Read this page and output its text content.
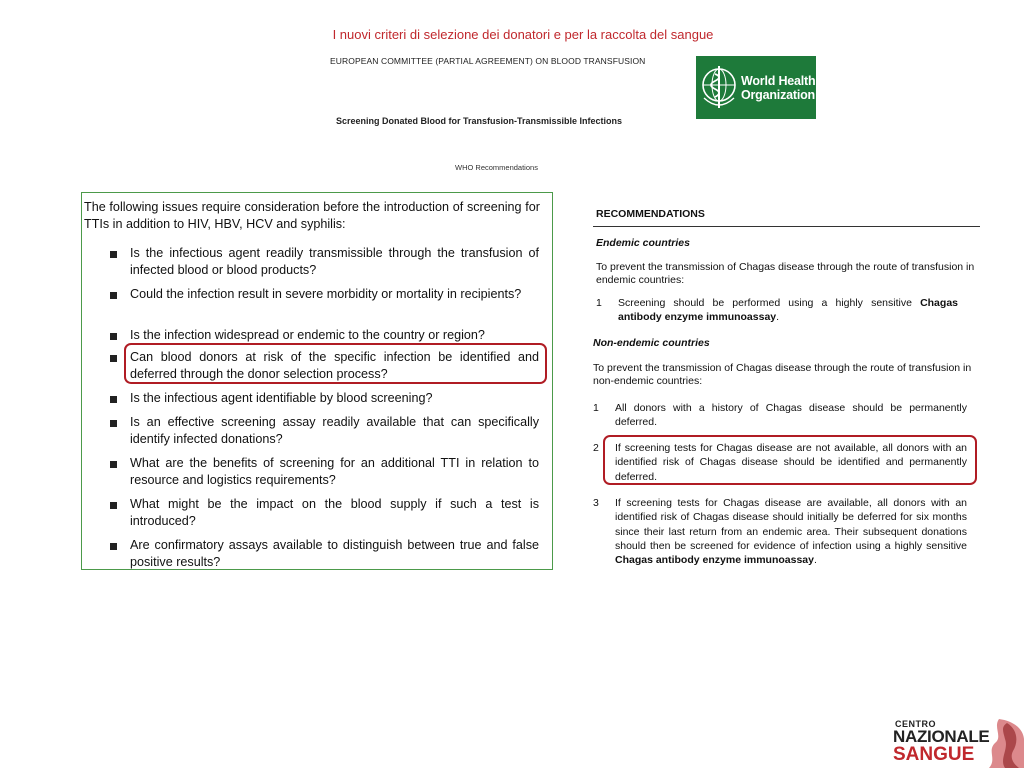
I nuovi criteri di selezione dei donatori e per la raccolta del sangue
EUROPEAN COMMITTEE (PARTIAL AGREEMENT) ON BLOOD TRANSFUSION
Screening Donated Blood for Transfusion-Transmissible Infections
WHO Recommendations
World Health
Organization
The following issues require consideration before the introduction of screening for TTIs in addition to HIV, HBV, HCV and syphilis:
Is the infectious agent readily transmissible through the transfusion of infected blood or blood products?
Could the infection result in severe morbidity or mortality in recipients?
Is the infection widespread or endemic to the country or region?
Can blood donors at risk of the specific infection be identified and deferred through the donor selection process?
Is the infectious agent identifiable by blood screening?
Is an effective screening assay readily available that can specifically identify infected donations?
What are the benefits of screening for an additional TTI in relation to resource and logistics requirements?
What might be the impact on the blood supply if such a test is introduced?
Are confirmatory assays available to distinguish between true and false positive results?
RECOMMENDATIONS
Endemic countries
To prevent the transmission of Chagas disease through the route of transfusion in endemic countries:
1 Screening should be performed using a highly sensitive Chagas antibody enzyme immunoassay.
Non-endemic countries
To prevent the transmission of Chagas disease through the route of transfusion in non-endemic countries:
1 All donors with a history of Chagas disease should be permanently deferred.
2 If screening tests for Chagas disease are not available, all donors with an identified risk of Chagas disease should be identified and permanently deferred.
3 If screening tests for Chagas disease are available, all donors with an identified risk of Chagas disease should initially be deferred for six months since their last return from an endemic area. Their subsequent donations should then be screened for evidence of infection using a highly sensitive Chagas antibody enzyme immunoassay.
CENTRO
NAZIONALE
SANGUE
